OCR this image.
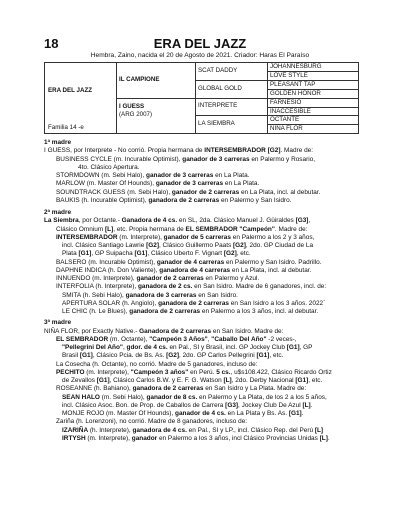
18	ERA DEL JAZZ
Hembra, Zaino, nacida el 20 de Agosto de 2021. Criador: Haras El Paraíso
ERA DEL JAZZ
Familia 14 -e
IL CAMPIONE
I GUESS
(ARG 2007)
SCAT DADDY
GLOBAL GOLD
INTERPRETE
LA SIEMBRA
JOHANNESBURG
LOVE STYLE
PLEASANT TAP
GOLDEN HONOR
FARNESIO
INACCESIBLE
OCTANTE
NIÑA FLOR
1ª madre
I GUESS, por Interprete - No corrió. Propia hermana de INTERSEMBRADOR [G2]. Madre de:
BUSINESS CYCLE (m. Incurable Optimist), ganador de 3 carreras en Palermo y Rosario,
4to. Clásico Apertura.
STORMDOWN (m. Sebi Halo), ganador de 3 carreras en La Plata.
MARLOW (m. Master Of Hounds), ganador de 3 carreras en La Plata.
SOUNDTRACK GUESS (m. Sebi Halo), ganador de 2 carreras en La Plata, incl. al debutar.
BAUKIS (h. Incurable Optimist), ganadora de 2 carreras en Palermo y San Isidro.
2ª madre
La Siembra, por Octante.- Ganadora de 4 cs. en SL, 2da. Clásico Manuel J. Güiraldes [G3],
Clásico Omnium [L], etc. Propia hermana de EL SEMBRADOR "Campeón". Madre de:
INTERSEMBRADOR (m. Interprete), ganador de 5 carreras en Palermo a los 2 y 3 años,
incl. Clásico Santiago Lawrie [G2], Clásico Guillermo Paats [G2], 2do. GP Ciudad de La
Plata [G1], GP Suipacha [G1], Clásico Uberto F. Vignart [G2], etc.
BALSERO (m. Incurable Optimist), ganador de 4 carreras en Palermo y San Isidro. Padrillo.
DAPHNE INDICA (h. Don Valiente), ganadora de 4 carreras en La Plata, incl. al debutar.
INNUENDO (m. Interprete), ganador de 2 carreras en Palermo y Azul.
INTERFOLIA (h. Interprete), ganadora de 2 cs. en San Isidro. Madre de 6 ganadores, incl. de:
SMITA (h. Sebi Halo), ganadora de 3 carreras en San Isidro.
APERTURA SOLAR (h. Angiolo), ganadora de 2 carreras en San Isidro a los 3 años. 2022`
LE CHIC (h. Le Blues), ganadora de 2 carreras en Palermo a los 3 años, incl. al debutar.
3ª madre
NIÑA FLOR, por Exactly Native.- Ganadora de 2 carreras en San Isidro. Madre de:
EL SEMBRADOR (m. Octante), "Campeón 3 Años", "Caballo Del Año" -2 veces-,
"Pellegrini Del Año", gdor. de 4 cs. en Pal., SI y Brasil, incl. GP Jockey Club [G1], GP
Brasil [G1], Clásico Pcia. de Bs. As. [G2], 2do. GP Carlos Pellegrini [G1], etc.
La Cosecha (h. Octante), no corrió. Madre de 5 ganadores, incluso de:
PECHITO (m. Interprete), "Campeón 3 años" en Perú. 5 cs., u$s108.422, Clásico Ricardo Ortiz
de Zevallos [G1], Clásico Carlos B.W. y E. F. G. Watson [L], 2do. Derby Nacional [G1], etc.
ROSEANNE (h. Bahiano), ganadora de 2 carreras en San Isidro y La Plata. Madre de:
SEAN HALO (m. Sebi Halo), ganador de 8 cs. en Palermo y La Plata, de los 2 a los 5 años,
incl. Clásico Asoc. Bon. de Prop. de Caballos de Carrera [G3], Jockey Club De Azul [L].
MONJE ROJO (m. Master Of Hounds), ganador de 4 cs. en La Plata y Bs. As. [G1].
Zariña (h. Lorenzoni), no corrió. Madre de 8 ganadores, incluso de:
IZARIÑA (h. Interprete), ganadora de 4 cs. en Pal., SI y LP., incl. Clásico Rep. del Perú [L]
IRTYSH (m. Interprete), ganador en Palermo a los 3 años, incl Clásico Provincias Unidas [L].
